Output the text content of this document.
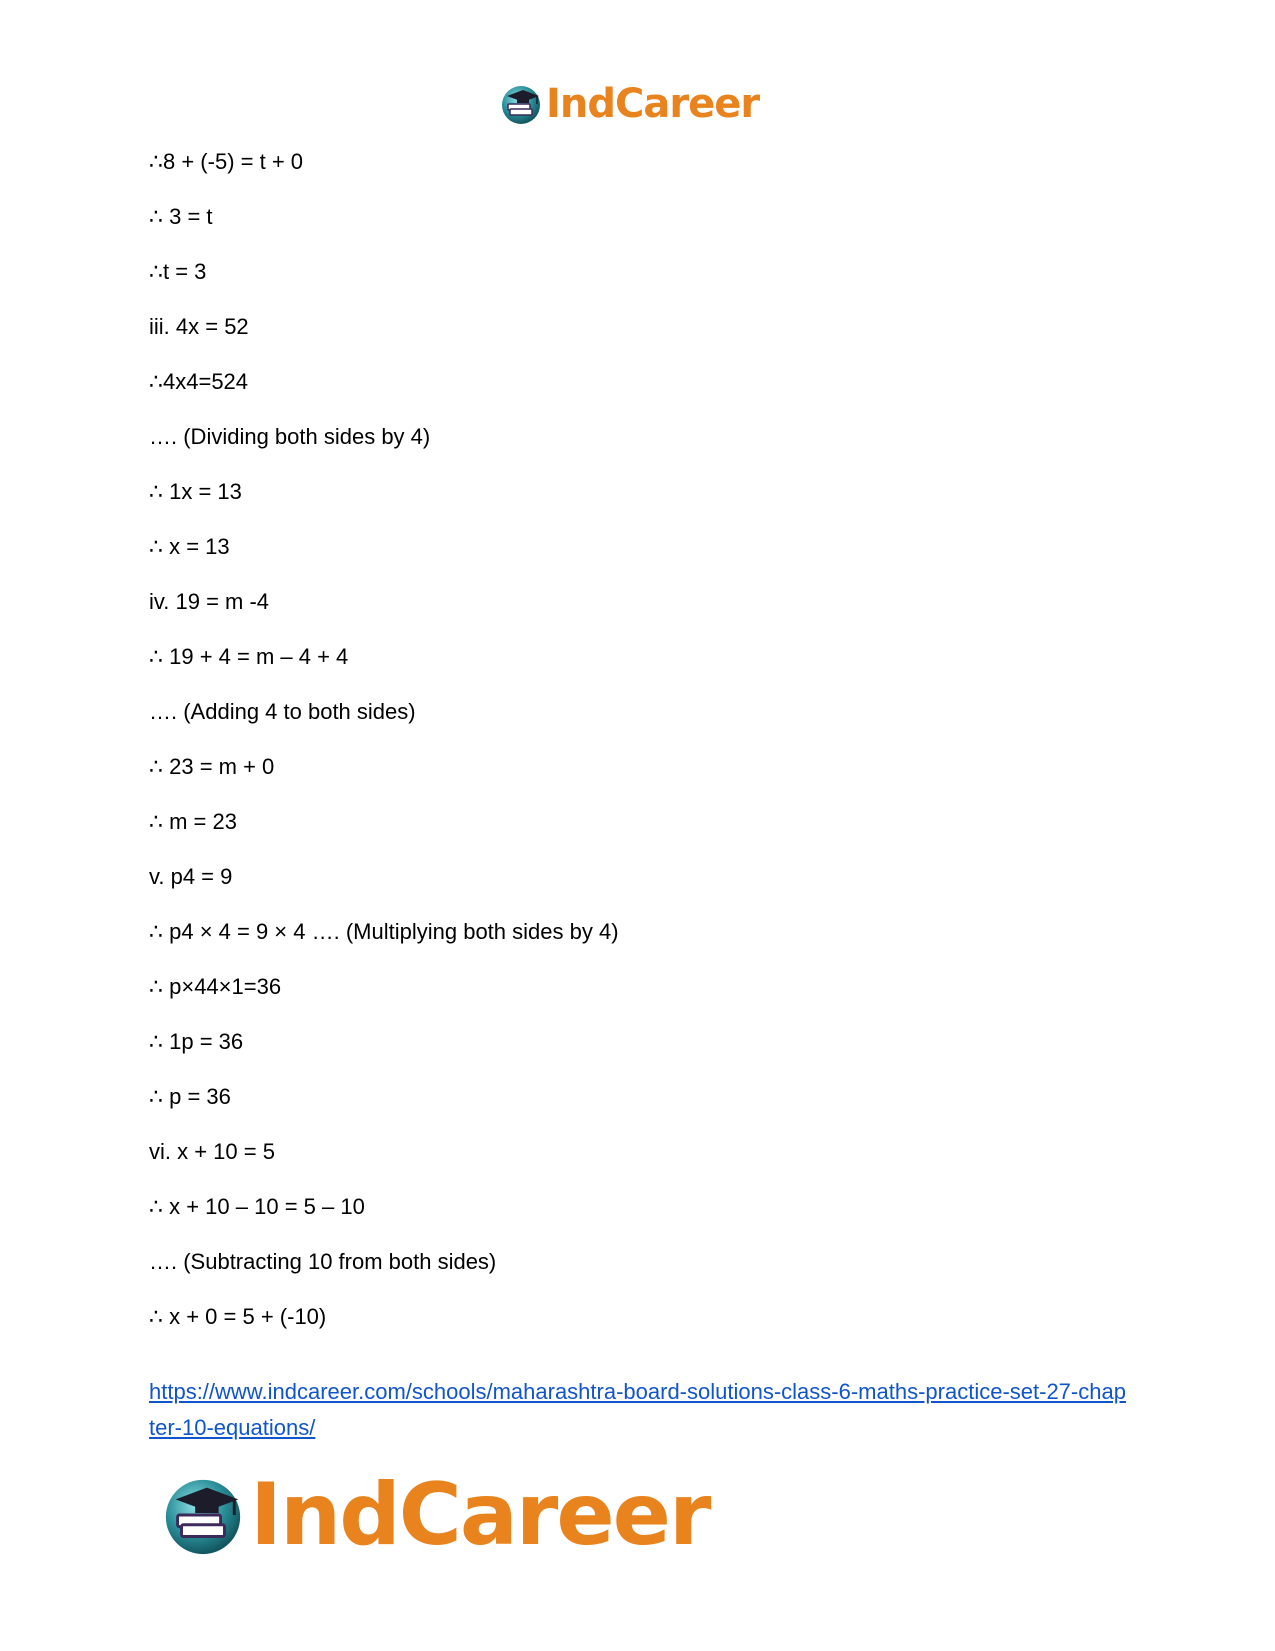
IndCareer
∴8 + (-5) = t + 0
∴ 3 = t
∴t = 3
iii. 4x = 52
∴4x4=524
…. (Dividing both sides by 4)
∴ 1x = 13
∴ x = 13
iv. 19 = m -4
∴ 19 + 4 = m – 4 + 4
…. (Adding 4 to both sides)
∴ 23 = m + 0
∴ m = 23
v. p4 = 9
∴ p4 × 4 = 9 × 4 …. (Multiplying both sides by 4)
∴ p×44×1=36
∴ 1p = 36
∴ p = 36
vi. x + 10 = 5
∴ x + 10 – 10 = 5 – 10
…. (Subtracting 10 from both sides)
∴ x + 0 = 5 + (-10)
https://www.indcareer.com/schools/maharashtra-board-solutions-class-6-maths-practice-set-27-chapter-10-equations/
IndCareer
